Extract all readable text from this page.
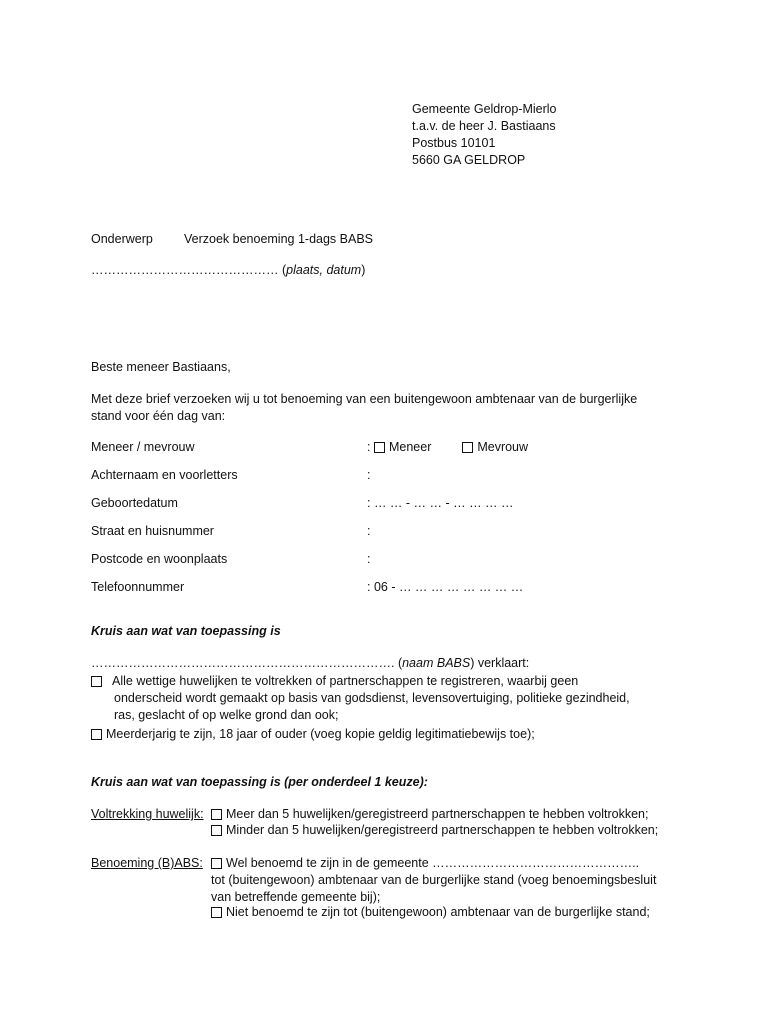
Gemeente Geldrop-Mierlo
t.a.v. de heer J. Bastiaans
Postbus 10101
5660 GA GELDROP
Onderwerp Verzoek benoeming 1-dags BABS
……………………………………… (plaats, datum)
Beste meneer Bastiaans,
Met deze brief verzoeken wij u tot benoeming van een buitengewoon ambtenaar van de burgerlijke
stand voor één dag van:
Meneer / mevrouw	: Meneer	Mevrouw
Achternaam en voorletters	:
Geboortedatum	: … … - … … - … … … …
Straat en huisnummer	:
Postcode en woonplaats	:
Telefoonnummer	: 06 - … … … … … … … …
Kruis aan wat van toepassing is
………………………………………………………………. (naam BABS) verklaart:
Alle wettige huwelijken te voltrekken of partnerschappen te registreren, waarbij geen
onderscheid wordt gemaakt op basis van godsdienst, levensovertuiging, politieke gezindheid,
ras, geslacht of op welke grond dan ook;
Meerderjarig te zijn, 18 jaar of ouder (voeg kopie geldig legitimatiebewijs toe);
Kruis aan wat van toepassing is (per onderdeel 1 keuze):
Voltrekking huwelijk:	Meer dan 5 huwelijken/geregistreerd partnerschappen te hebben voltrokken;
Minder dan 5 huwelijken/geregistreerd partnerschappen te hebben voltrokken;
Benoeming (B)ABS:	Wel benoemd te zijn in de gemeente …………………………………………..
tot (buitengewoon) ambtenaar van de burgerlijke stand (voeg benoemingsbesluit
van betreffende gemeente bij);
Niet benoemd te zijn tot (buitengewoon) ambtenaar van de burgerlijke stand;
